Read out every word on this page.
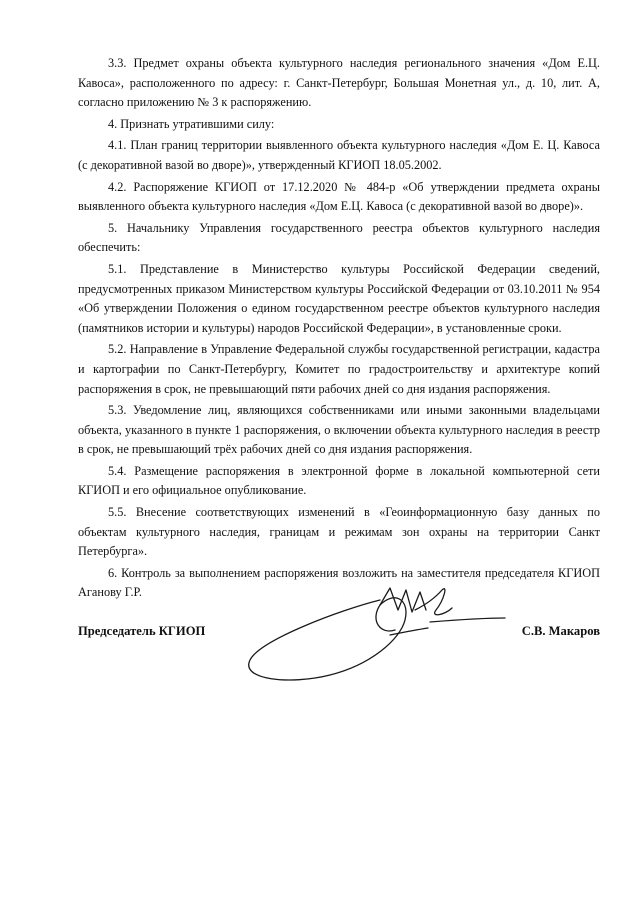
3.3. Предмет охраны объекта культурного наследия регионального значения «Дом Е.Ц. Кавоса», расположенного по адресу: г. Санкт-Петербург, Большая Монетная ул., д. 10, лит. А, согласно приложению № 3 к распоряжению.

4. Признать утратившими силу:

4.1. План границ территории выявленного объекта культурного наследия «Дом Е. Ц. Кавоса (с декоративной вазой во дворе)», утвержденный КГИОП 18.05.2002.

4.2. Распоряжение КГИОП от 17.12.2020 № 484-р «Об утверждении предмета охраны выявленного объекта культурного наследия «Дом Е.Ц. Кавоса (с декоративной вазой во дворе)».

5. Начальнику Управления государственного реестра объектов культурного наследия обеспечить:

5.1. Представление в Министерство культуры Российской Федерации сведений, предусмотренных приказом Министерством культуры Российской Федерации от 03.10.2011 № 954 «Об утверждении Положения о едином государственном реестре объектов культурного наследия (памятников истории и культуры) народов Российской Федерации», в установленные сроки.

5.2. Направление в Управление Федеральной службы государственной регистрации, кадастра и картографии по Санкт-Петербургу, Комитет по градостроительству и архитектуре копий распоряжения в срок, не превышающий пяти рабочих дней со дня издания распоряжения.

5.3. Уведомление лиц, являющихся собственниками или иными законными владельцами объекта, указанного в пункте 1 распоряжения, о включении объекта культурного наследия в реестр в срок, не превышающий трёх рабочих дней со дня издания распоряжения.

5.4. Размещение распоряжения в электронной форме в локальной компьютерной сети КГИОП и его официальное опубликование.

5.5. Внесение соответствующих изменений в «Геоинформационную базу данных по объектам культурного наследия, границам и режимам зон охраны на территории Санкт Петербурга».

6. Контроль за выполнением распоряжения возложить на заместителя председателя КГИОП Аганову Г.Р.

Председатель КГИОП	С.В. Макаров
